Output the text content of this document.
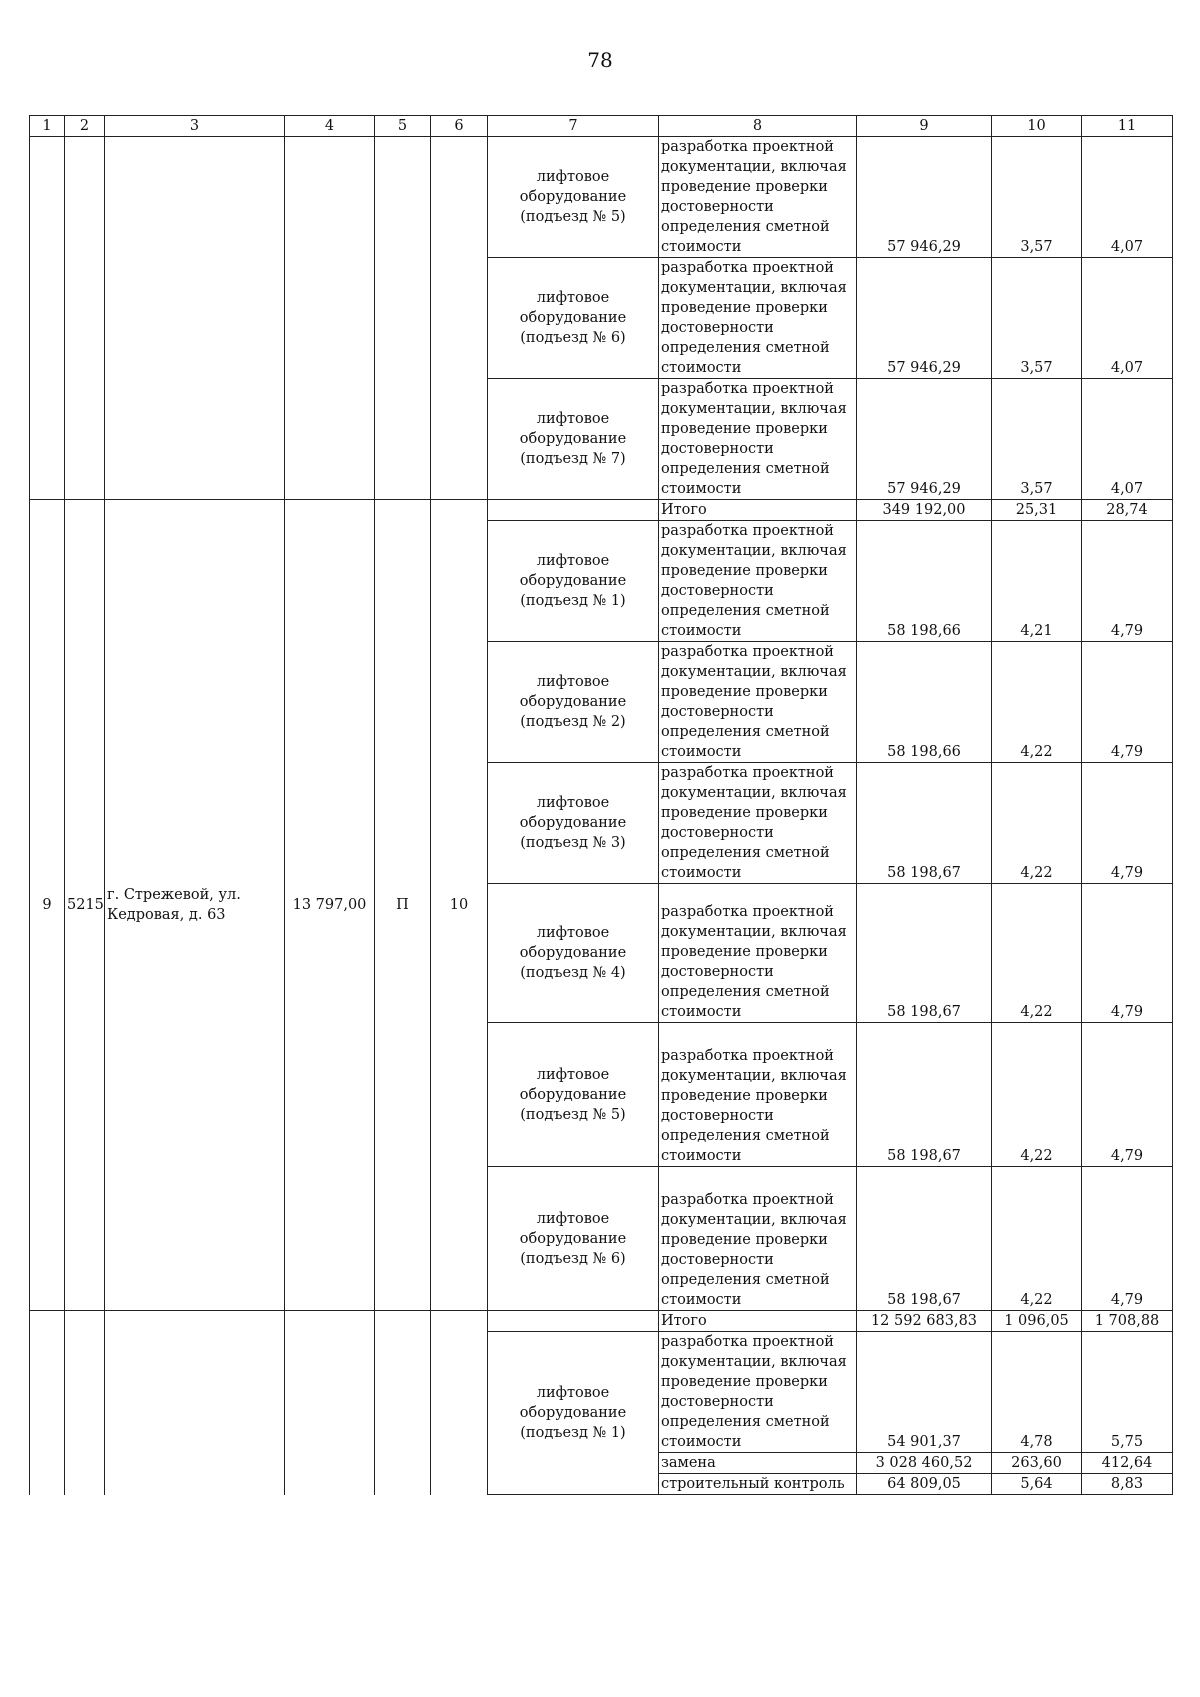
78
1	2	3	4	5	6	7	8	9	10	11
						лифтовое оборудование (подъезд № 5)	разработка проектной документации, включая проведение проверки достоверности определения сметной стоимости	57 946,29	3,57	4,07
						лифтовое оборудование (подъезд № 6)	разработка проектной документации, включая проведение проверки достоверности определения сметной стоимости	57 946,29	3,57	4,07
						лифтовое оборудование (подъезд № 7)	разработка проектной документации, включая проведение проверки достоверности определения сметной стоимости	57 946,29	3,57	4,07
9	5215	г. Стрежевой, ул. Кедровая, д. 63	13 797,00	П	10		Итого	349 192,00	25,31	28,74
						лифтовое оборудование (подъезд № 1)	разработка проектной документации, включая проведение проверки достоверности определения сметной стоимости	58 198,66	4,21	4,79
						лифтовое оборудование (подъезд № 2)	разработка проектной документации, включая проведение проверки достоверности определения сметной стоимости	58 198,66	4,22	4,79
						лифтовое оборудование (подъезд № 3)	разработка проектной документации, включая проведение проверки достоверности определения сметной стоимости	58 198,67	4,22	4,79
						лифтовое оборудование (подъезд № 4)	разработка проектной документации, включая проведение проверки достоверности определения сметной стоимости	58 198,67	4,22	4,79
						лифтовое оборудование (подъезд № 5)	разработка проектной документации, включая проведение проверки достоверности определения сметной стоимости	58 198,67	4,22	4,79
						лифтовое оборудование (подъезд № 6)	разработка проектной документации, включая проведение проверки достоверности определения сметной стоимости	58 198,67	4,22	4,79
							Итого	12 592 683,83	1 096,05	1 708,88
						лифтовое оборудование (подъезд № 1)	разработка проектной документации, включая проведение проверки достоверности определения сметной стоимости	54 901,37	4,78	5,75
							замена	3 028 460,52	263,60	412,64
							строительный контроль	64 809,05	5,64	8,83
